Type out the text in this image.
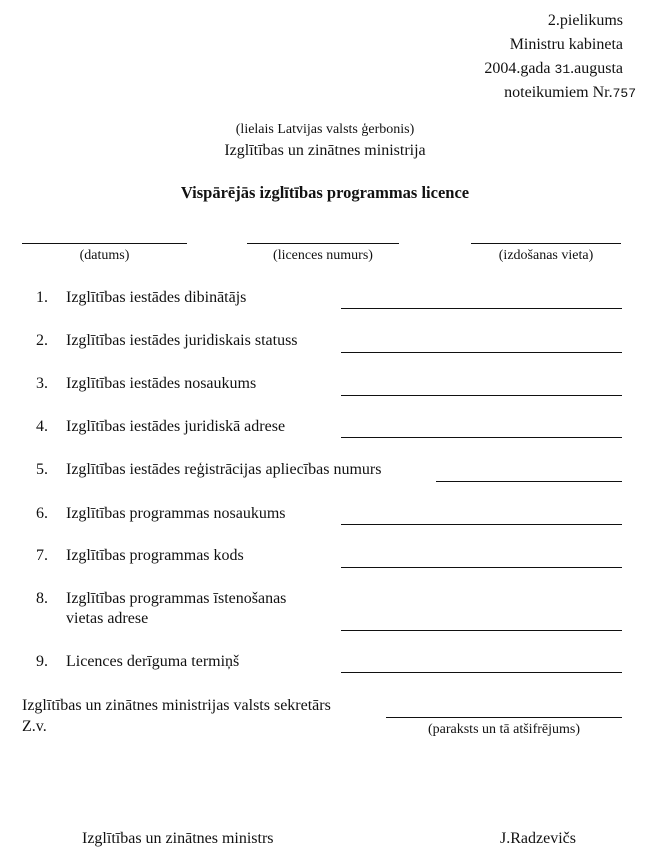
2.pielikums
Ministru kabineta
2004.gada 31.augusta
noteikumiem Nr.757
(lielais Latvijas valsts ģerbonis)
Izglītības un zinātnes ministrija
Vispārējās izglītības programmas licence
(datums)	(licences numurs)	(izdošanas vieta)
1. Izglītības iestādes dibinātājs
2. Izglītības iestādes juridiskais statuss
3. Izglītības iestādes nosaukums
4. Izglītības iestādes juridiskā adrese
5. Izglītības iestādes reģistrācijas apliecības numurs
6. Izglītības programmas nosaukums
7. Izglītības programmas kods
8. Izglītības programmas īstenošanas
vietas adrese
9. Licences derīguma termiņš
Izglītības un zinātnes ministrijas valsts sekretārs
Z.v.	(paraksts un tā atšifrējums)
Izglītības un zinātnes ministrs	J.Radzevičs
